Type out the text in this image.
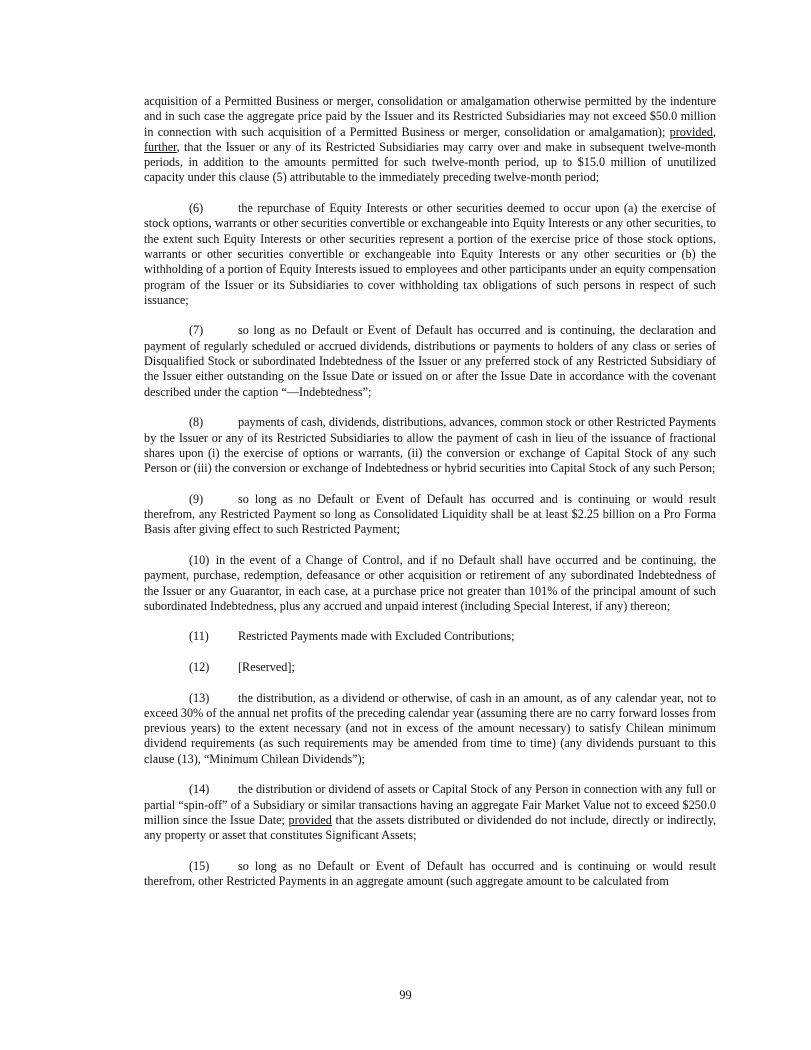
acquisition of a Permitted Business or merger, consolidation or amalgamation otherwise permitted by the indenture and in such case the aggregate price paid by the Issuer and its Restricted Subsidiaries may not exceed $50.0 million in connection with such acquisition of a Permitted Business or merger, consolidation or amalgamation); provided, further, that the Issuer or any of its Restricted Subsidiaries may carry over and make in subsequent twelve-month periods, in addition to the amounts permitted for such twelve-month period, up to $15.0 million of unutilized capacity under this clause (5) attributable to the immediately preceding twelve-month period;

(6)	the repurchase of Equity Interests or other securities deemed to occur upon (a) the exercise of stock options, warrants or other securities convertible or exchangeable into Equity Interests or any other securities, to the extent such Equity Interests or other securities represent a portion of the exercise price of those stock options, warrants or other securities convertible or exchangeable into Equity Interests or any other securities or (b) the withholding of a portion of Equity Interests issued to employees and other participants under an equity compensation program of the Issuer or its Subsidiaries to cover withholding tax obligations of such persons in respect of such issuance;

(7)	so long as no Default or Event of Default has occurred and is continuing, the declaration and payment of regularly scheduled or accrued dividends, distributions or payments to holders of any class or series of Disqualified Stock or subordinated Indebtedness of the Issuer or any preferred stock of any Restricted Subsidiary of the Issuer either outstanding on the Issue Date or issued on or after the Issue Date in accordance with the covenant described under the caption “—Indebtedness”;

(8)	payments of cash, dividends, distributions, advances, common stock or other Restricted Payments by the Issuer or any of its Restricted Subsidiaries to allow the payment of cash in lieu of the issuance of fractional shares upon (i) the exercise of options or warrants, (ii) the conversion or exchange of Capital Stock of any such Person or (iii) the conversion or exchange of Indebtedness or hybrid securities into Capital Stock of any such Person;

(9)	so long as no Default or Event of Default has occurred and is continuing or would result therefrom, any Restricted Payment so long as Consolidated Liquidity shall be at least $2.25 billion on a Pro Forma Basis after giving effect to such Restricted Payment;

(10) in the event of a Change of Control, and if no Default shall have occurred and be continuing, the payment, purchase, redemption, defeasance or other acquisition or retirement of any subordinated Indebtedness of the Issuer or any Guarantor, in each case, at a purchase price not greater than 101% of the principal amount of such subordinated Indebtedness, plus any accrued and unpaid interest (including Special Interest, if any) thereon;

(11) Restricted Payments made with Excluded Contributions;

(12) [Reserved];

(13) the distribution, as a dividend or otherwise, of cash in an amount, as of any calendar year, not to exceed 30% of the annual net profits of the preceding calendar year (assuming there are no carry forward losses from previous years) to the extent necessary (and not in excess of the amount necessary) to satisfy Chilean minimum dividend requirements (as such requirements may be amended from time to time) (any dividends pursuant to this clause (13), “Minimum Chilean Dividends”);

(14) the distribution or dividend of assets or Capital Stock of any Person in connection with any full or partial “spin-off” of a Subsidiary or similar transactions having an aggregate Fair Market Value not to exceed $250.0 million since the Issue Date; provided that the assets distributed or dividended do not include, directly or indirectly, any property or asset that constitutes Significant Assets;

(15) so long as no Default or Event of Default has occurred and is continuing or would result therefrom, other Restricted Payments in an aggregate amount (such aggregate amount to be calculated from

99
